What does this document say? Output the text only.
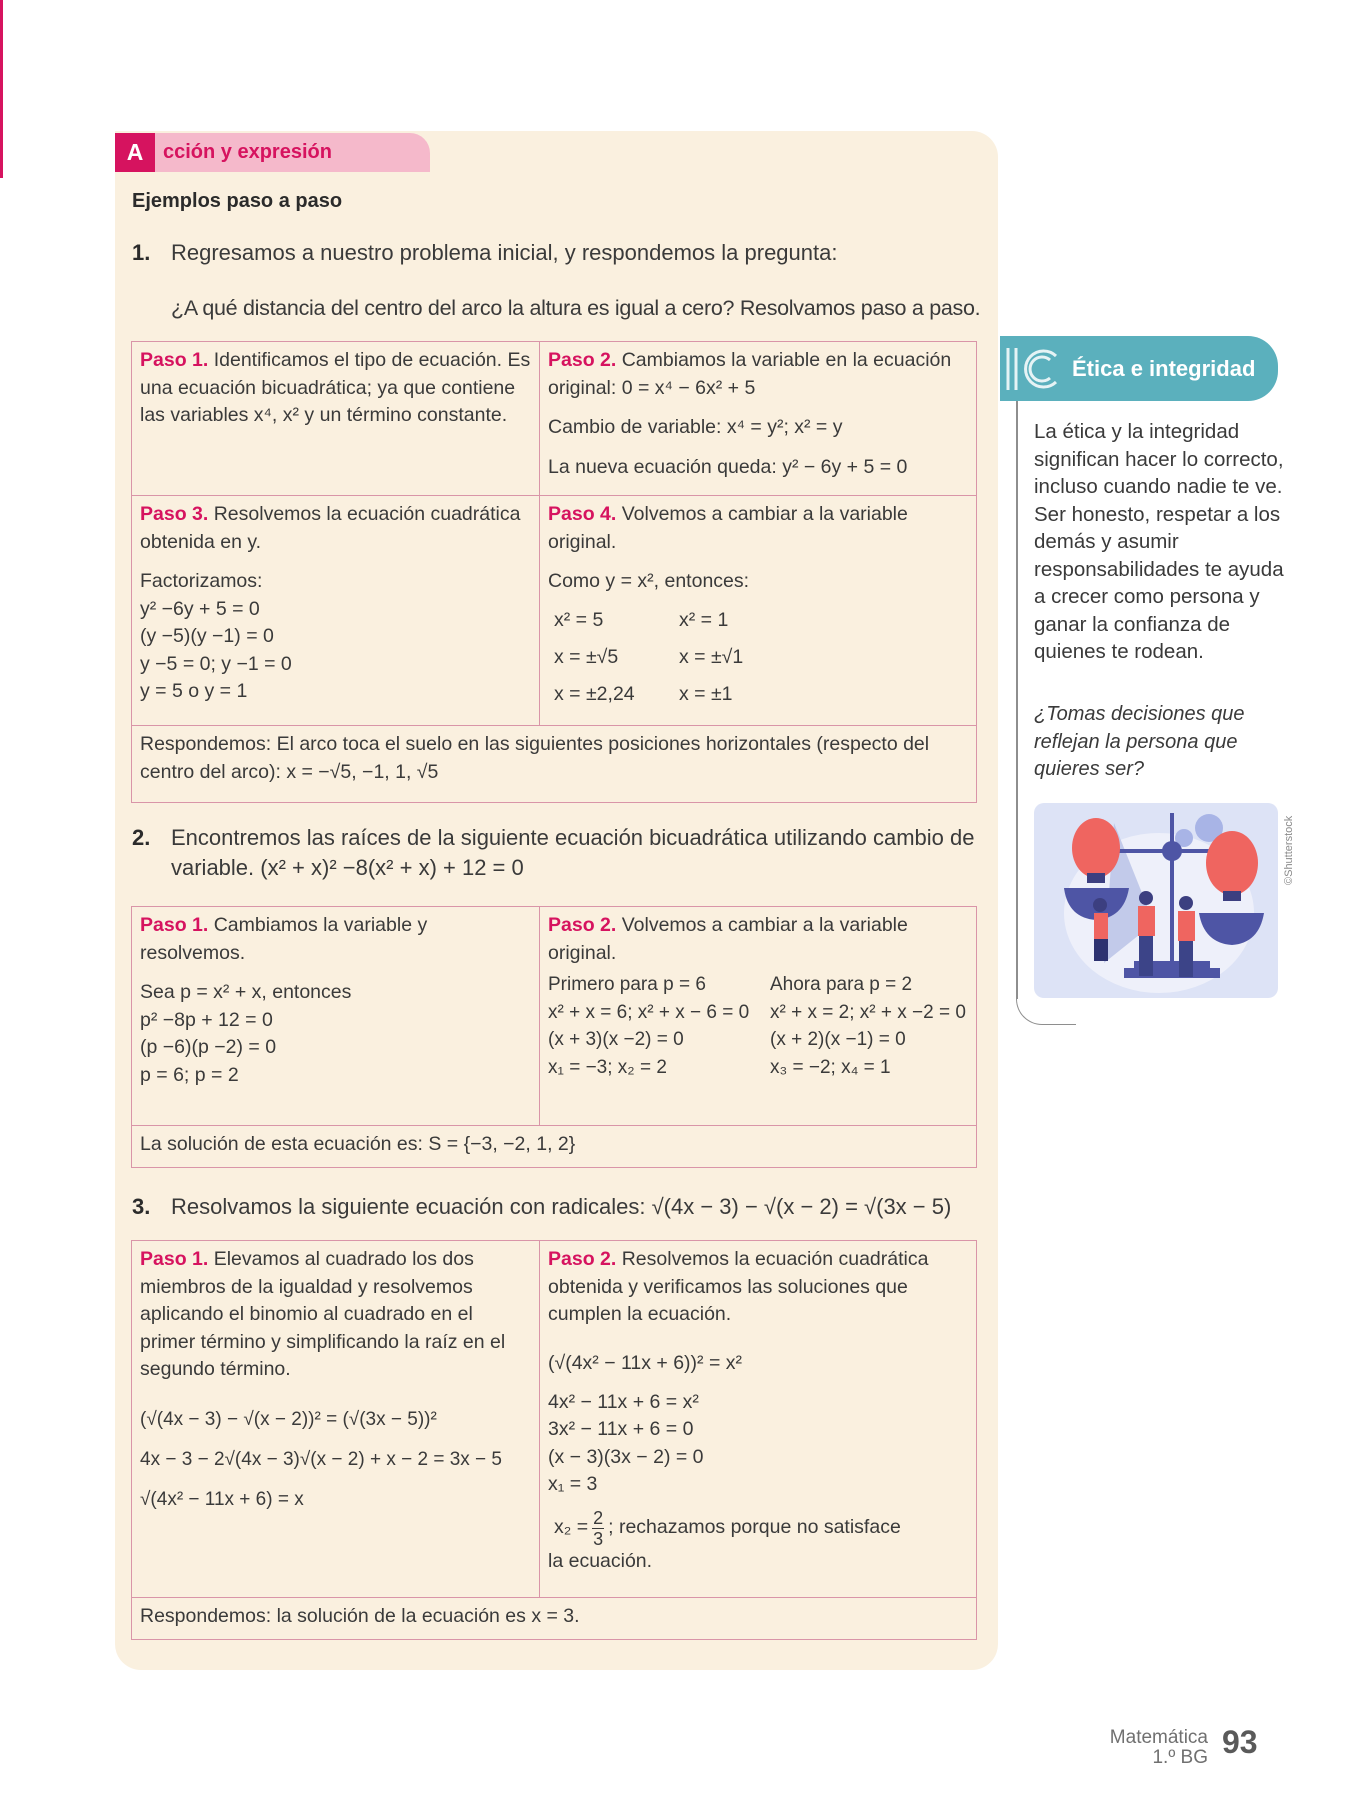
A cción y expresión
Ejemplos paso a paso
1. Regresamos a nuestro problema inicial, y respondemos la pregunta:
¿A qué distancia del centro del arco la altura es igual a cero? Resolvamos paso a paso.
Paso 1. Identificamos el tipo de ecuación. Es una ecuación bicuadrática; ya que contiene las variables x⁴, x² y un término constante.
Paso 2. Cambiamos la variable en la ecuación original: 0 = x⁴ − 6x² + 5
Cambio de variable: x⁴ = y²; x² = y
La nueva ecuación queda: y² − 6y + 5 = 0
Paso 3. Resolvemos la ecuación cuadrática obtenida en y.
Factorizamos:
y² −6y + 5 = 0
(y −5)(y −1) = 0
y −5 = 0; y −1 = 0
y = 5 o y = 1
Paso 4. Volvemos a cambiar a la variable original.
Como y = x², entonces:
x² = 5
x = ±√5
x = ±2,24
x² = 1
x = ±√1
x = ±1
Respondemos: El arco toca el suelo en las siguientes posiciones horizontales (respecto del centro del arco): x = −√5, −1, 1, √5
2. Encontremos las raíces de la siguiente ecuación bicuadrática utilizando cambio de variable. (x² + x)² −8(x² + x) + 12 = 0
Paso 1. Cambiamos la variable y resolvemos.
Sea p = x² + x, entonces
p² −8p + 12 = 0
(p −6)(p −2) = 0
p = 6; p = 2
Paso 2. Volvemos a cambiar a la variable original.
Primero para p = 6
x² + x = 6; x² + x − 6 = 0
(x + 3)(x −2) = 0
x₁ = −3; x₂ = 2
Ahora para p = 2
x² + x = 2; x² + x −2 = 0
(x + 2)(x −1) = 0
x₃ = −2; x₄ = 1
La solución de esta ecuación es: S = {−3, −2, 1, 2}
3. Resolvamos la siguiente ecuación con radicales: √(4x − 3) − √(x − 2) = √(3x − 5)
Paso 1. Elevamos al cuadrado los dos miembros de la igualdad y resolvemos aplicando el binomio al cuadrado en el primer término y simplificando la raíz en el segundo término.
(√(4x − 3) − √(x − 2))² = (√(3x − 5))²
4x − 3 − 2√(4x − 3)√(x − 2) + x − 2 = 3x − 5
√(4x² − 11x + 6) = x
Paso 2. Resolvemos la ecuación cuadrática obtenida y verificamos las soluciones que cumplen la ecuación.
(√(4x² − 11x + 6))² = x²
4x² − 11x + 6 = x²
3x² − 11x + 6 = 0
(x − 3)(3x − 2) = 0
x₁ = 3
$x_2 = \frac{2}{3}$ ; rechazamos porque no satisface
la ecuación.
Respondemos: la solución de la ecuación es x = 3.
Ética e integridad
La ética y la integridad significan hacer lo correcto, incluso cuando nadie te ve. Ser honesto, respetar a los demás y asumir responsabilidades te ayuda a crecer como persona y ganar la confianza de quienes te rodean.
¿Tomas decisiones que reflejan la persona que quieres ser?
©Shutterstock
Matemática
1.º BG 93
